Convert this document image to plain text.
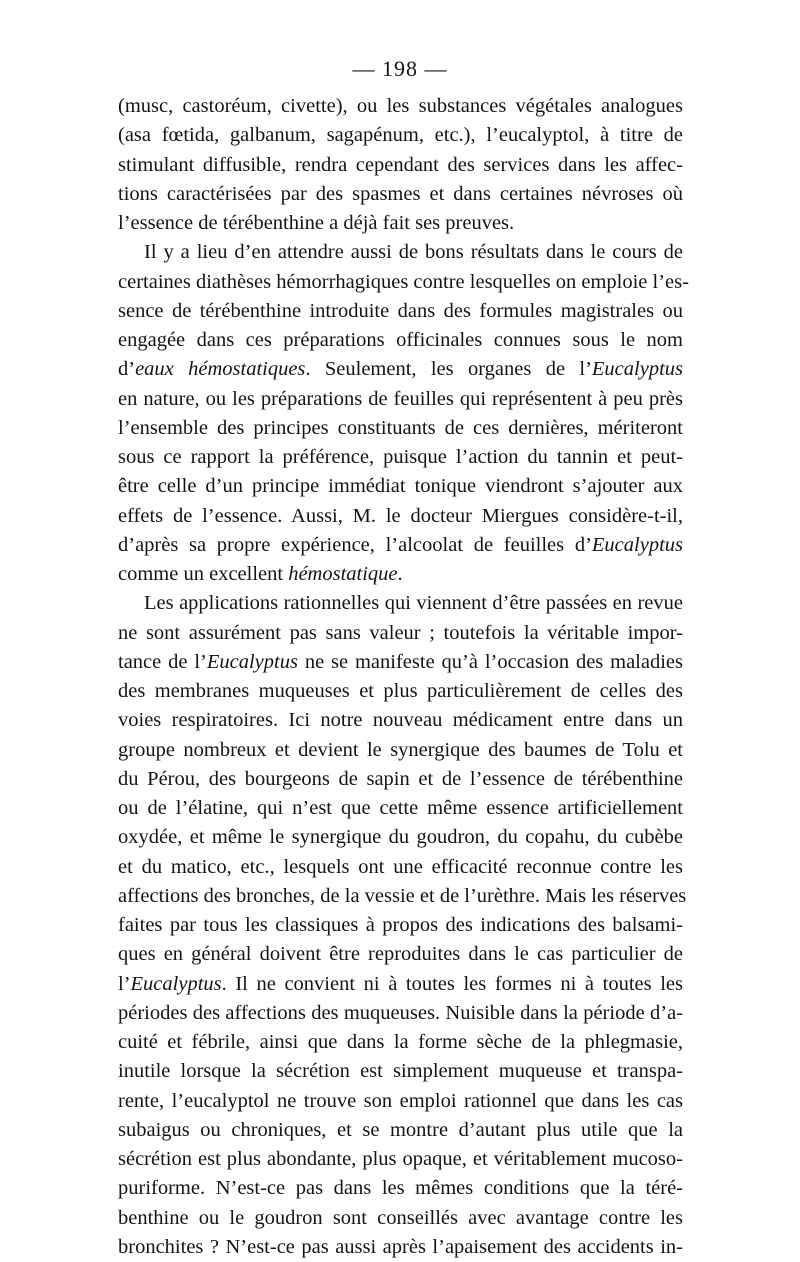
— 198 —
(musc, castoréum, civette), ou les substances végétales analogues
(asa fœtida, galbanum, sagapénum, etc.), l’eucalyptol, à titre de
stimulant diffusible, rendra cependant des services dans les affec-
tions caractérisées par des spasmes et dans certaines névroses où
l’essence de térébenthine a déjà fait ses preuves.
Il y a lieu d’en attendre aussi de bons résultats dans le cours de
certaines diathèses hémorrhagiques contre lesquelles on emploie l’es-
sence de térébenthine introduite dans des formules magistrales ou
engagée dans ces préparations officinales connues sous le nom
d’eaux hémostatiques. Seulement, les organes de l’Eucalyptus
en nature, ou les préparations de feuilles qui représentent à peu près
l’ensemble des principes constituants de ces dernières, mériteront
sous ce rapport la préférence, puisque l’action du tannin et peut-
être celle d’un principe immédiat tonique viendront s’ajouter aux
effets de l’essence. Aussi, M. le docteur Miergues considère-t-il,
d’après sa propre expérience, l’alcoolat de feuilles d’Eucalyptus
comme un excellent hémostatique.
Les applications rationnelles qui viennent d’être passées en revue
ne sont assurément pas sans valeur ; toutefois la véritable impor-
tance de l’Eucalyptus ne se manifeste qu’à l’occasion des maladies
des membranes muqueuses et plus particulièrement de celles des
voies respiratoires. Ici notre nouveau médicament entre dans un
groupe nombreux et devient le synergique des baumes de Tolu et
du Pérou, des bourgeons de sapin et de l’essence de térébenthine
ou de l’élatine, qui n’est que cette même essence artificiellement
oxydée, et même le synergique du goudron, du copahu, du cubèbe
et du matico, etc., lesquels ont une efficacité reconnue contre les
affections des bronches, de la vessie et de l’urèthre. Mais les réserves
faites par tous les classiques à propos des indications des balsami-
ques en général doivent être reproduites dans le cas particulier de
l’Eucalyptus. Il ne convient ni à toutes les formes ni à toutes les
périodes des affections des muqueuses. Nuisible dans la période d’a-
cuité et fébrile, ainsi que dans la forme sèche de la phlegmasie,
inutile lorsque la sécrétion est simplement muqueuse et transpa-
rente, l’eucalyptol ne trouve son emploi rationnel que dans les cas
subaigus ou chroniques, et se montre d’autant plus utile que la
sécrétion est plus abondante, plus opaque, et véritablement mucoso-
puriforme. N’est-ce pas dans les mêmes conditions que la téré-
benthine ou le goudron sont conseillés avec avantage contre les
bronchites ? N’est-ce pas aussi après l’apaisement des accidents in-
